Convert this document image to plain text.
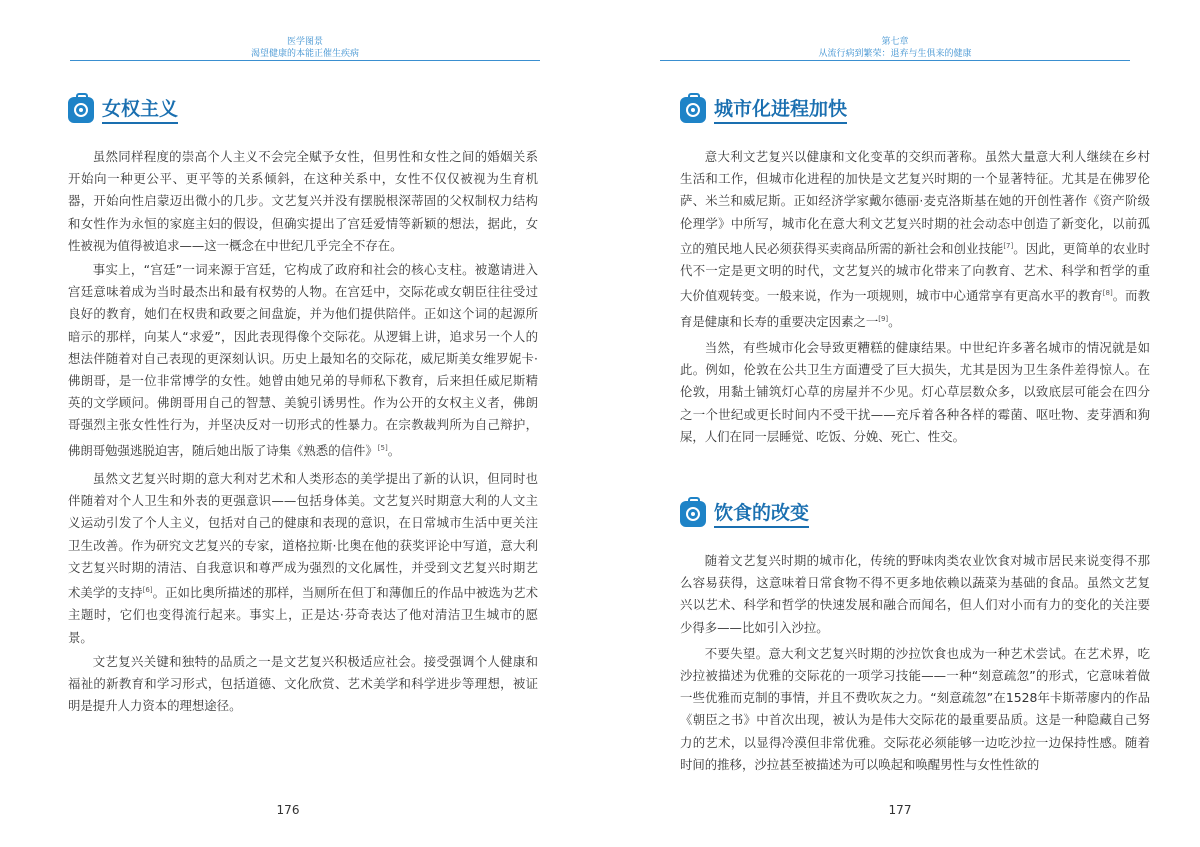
医学图景
渴望健康的本能正催生疾病
女权主义

虽然同样程度的崇高个人主义不会完全赋予女性，但男性和女性之间的婚姻关系开始向一种更公平、更平等的关系倾斜，在这种关系中，女性不仅仅被视为生育机器，开始向性启蒙迈出微小的几步。文艺复兴并没有摆脱根深蒂固的父权制权力结构和女性作为永恒的家庭主妇的假设，但确实提出了宫廷爱情等新颖的想法，据此，女性被视为值得被追求——这一概念在中世纪几乎完全不存在。

事实上，“宫廷”一词来源于宫廷，它构成了政府和社会的核心支柱。被邀请进入宫廷意味着成为当时最杰出和最有权势的人物。在宫廷中，交际花或女朝臣往往受过良好的教育，她们在权贵和政要之间盘旋，并为他们提供陪伴。正如这个词的起源所暗示的那样，向某人“求爱”，因此表现得像个交际花。从逻辑上讲，追求另一个人的想法伴随着对自己表现的更深刻认识。历史上最知名的交际花，威尼斯美女维罗妮卡·佛朗哥，是一位非常博学的女性。她曾由她兄弟的导师私下教育，后来担任威尼斯精英的文学顾问。佛朗哥用自己的智慧、美貌引诱男性。作为公开的女权主义者，佛朗哥强烈主张女性性行为，并坚决反对一切形式的性暴力。在宗教裁判所为自己辩护，佛朗哥勉强逃脱迫害，随后她出版了诗集《熟悉的信件》[5]。

虽然文艺复兴时期的意大利对艺术和人类形态的美学提出了新的认识，但同时也伴随着对个人卫生和外表的更强意识——包括身体美。文艺复兴时期意大利的人文主义运动引发了个人主义，包括对自己的健康和表现的意识，在日常城市生活中更关注卫生改善。作为研究文艺复兴的专家，道格拉斯·比奥在他的获奖评论中写道，意大利文艺复兴时期的清洁、自我意识和尊严成为强烈的文化属性，并受到文艺复兴时期艺术美学的支持[6]。正如比奥所描述的那样，当厕所在但丁和薄伽丘的作品中被选为艺术主题时，它们也变得流行起来。事实上，正是达·芬奇表达了他对清洁卫生城市的愿景。

文艺复兴关键和独特的品质之一是文艺复兴积极适应社会。接受强调个人健康和福祉的新教育和学习形式，包括道德、文化欣赏、艺术美学和科学进步等理想，被证明是提升人力资本的理想途径。

176
第七章
从流行病到繁荣：退弃与生俱来的健康
城市化进程加快

意大利文艺复兴以健康和文化变革的交织而著称。虽然大量意大利人继续在乡村生活和工作，但城市化进程的加快是文艺复兴时期的一个显著特征。尤其是在佛罗伦萨、米兰和威尼斯。正如经济学家戴尔德丽·麦克洛斯基在她的开创性著作《资产阶级伦理学》中所写，城市化在意大利文艺复兴时期的社会动态中创造了新变化，以前孤立的殖民地人民必须获得买卖商品所需的新社会和创业技能[7]。因此，更简单的农业时代不一定是更文明的时代，文艺复兴的城市化带来了向教育、艺术、科学和哲学的重大价值观转变。一般来说，作为一项规则，城市中心通常享有更高水平的教育[8]。而教育是健康和长寿的重要决定因素之一[9]。

当然，有些城市化会导致更糟糕的健康结果。中世纪许多著名城市的情况就是如此。例如，伦敦在公共卫生方面遭受了巨大损失，尤其是因为卫生条件差得惊人。在伦敦，用黏土铺筑灯心草的房屋并不少见。灯心草层数众多，以致底层可能会在四分之一个世纪或更长时间内不受干扰——充斥着各种各样的霉菌、呕吐物、麦芽酒和狗屎，人们在同一层睡觉、吃饭、分娩、死亡、性交。

饮食的改变

随着文艺复兴时期的城市化，传统的野味肉类农业饮食对城市居民来说变得不那么容易获得，这意味着日常食物不得不更多地依赖以蔬菜为基础的食品。虽然文艺复兴以艺术、科学和哲学的快速发展和融合而闻名，但人们对小而有力的变化的关注要少得多——比如引入沙拉。

不要失望。意大利文艺复兴时期的沙拉饮食也成为一种艺术尝试。在艺术界，吃沙拉被描述为优雅的交际花的一项学习技能——一种“刻意疏忽”的形式，它意味着做一些优雅而克制的事情，并且不费吹灰之力。“刻意疏忽”在1528年卡斯蒂廖内的作品《朝臣之书》中首次出现，被认为是伟大交际花的最重要品质。这是一种隐藏自己努力的艺术，以显得冷漠但非常优雅。交际花必须能够一边吃沙拉一边保持性感。随着时间的推移，沙拉甚至被描述为可以唤起和唤醒男性与女性性欲的

177
